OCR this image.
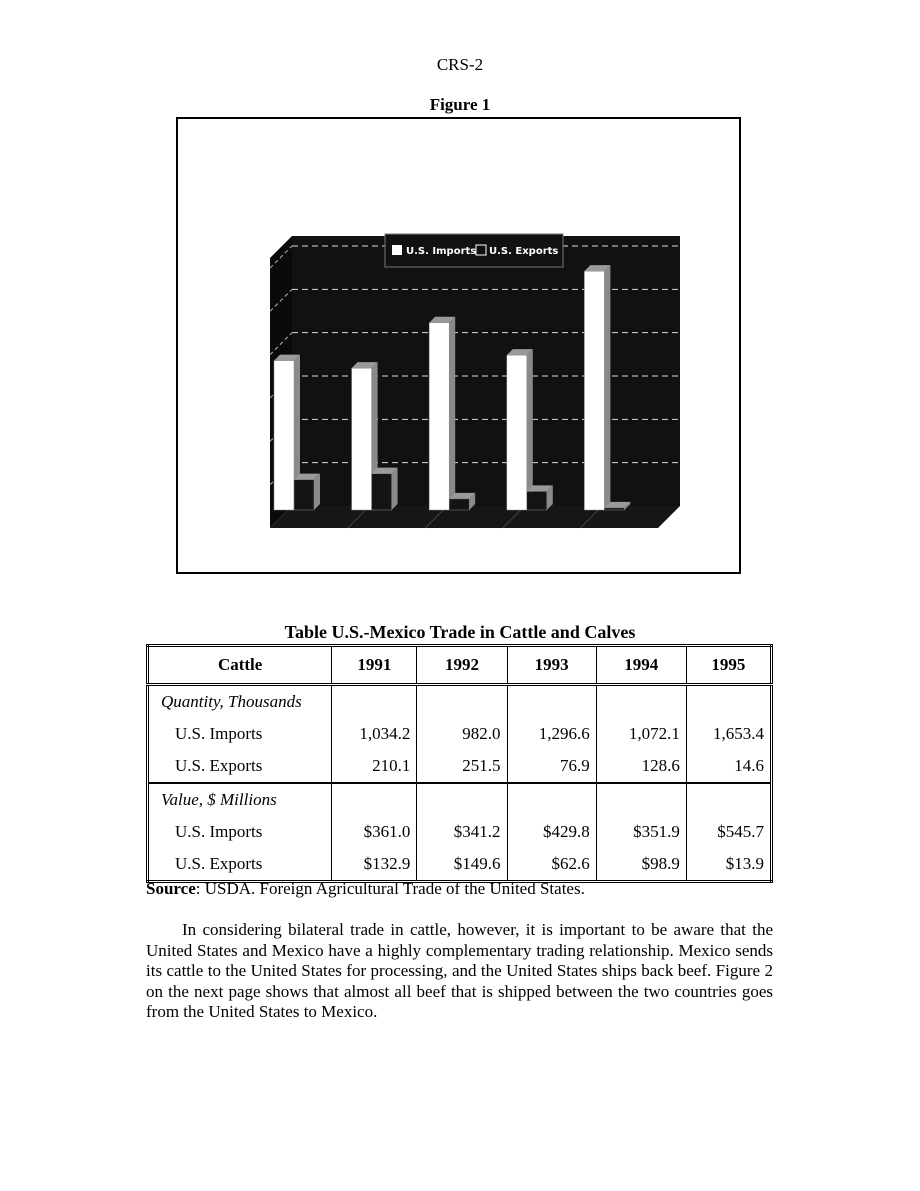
CRS-2
Figure 1
U.S. Imports U.S. Exports
Table U.S.-Mexico Trade in Cattle and Calves
Cattle	1991	1992	1993	1994	1995
Quantity, Thousands					
U.S. Imports	1,034.2	982.0	1,296.6	1,072.1	1,653.4
U.S. Exports	210.1	251.5	76.9	128.6	14.6
Value, $ Millions					
U.S. Imports	$361.0	$341.2	$429.8	$351.9	$545.7
U.S. Exports	$132.9	$149.6	$62.6	$98.9	$13.9
Source: USDA. Foreign Agricultural Trade of the United States.

In considering bilateral trade in cattle, however, it is important to be aware that the United States and Mexico have a highly complementary trading relationship. Mexico sends its cattle to the United States for processing, and the United States ships back beef. Figure 2 on the next page shows that almost all beef that is shipped between the two countries goes from the United States to Mexico.
